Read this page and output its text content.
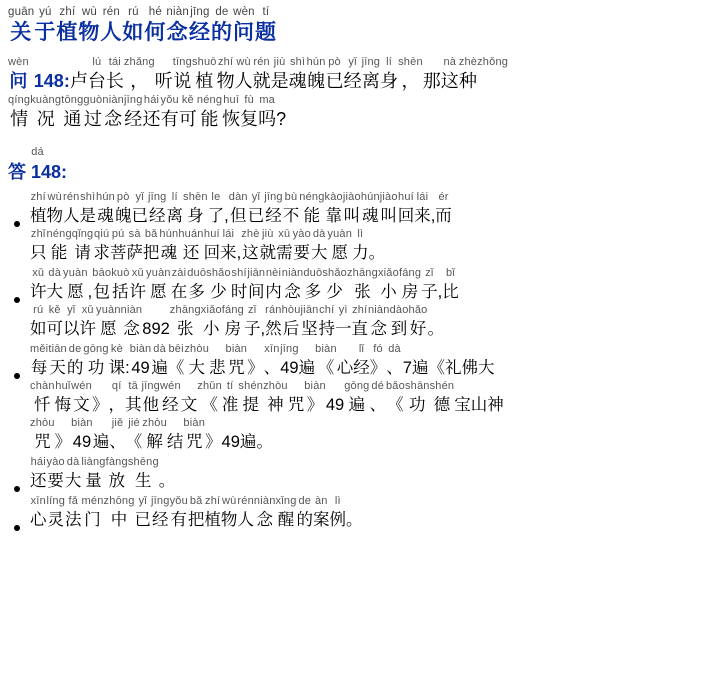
guān
关
yú
于
zhí
植
wù
物
rén
人
rú
如
hé
何
niàn
念
jīng
经
de
的
wèn
问
tí
题
wèn
问
148:
卢
lú
台
tái
长
zhǎng
，
听
tīng
说
shuō
植
zhí
物
wù
人
rén
就
jiù
是
shì
魂
hún
魄
pò
已
yǐ
经
jīng
离
lí
身
shēn
，
那
nà
这
zhè
种
zhǒng

qíng
情
kuàng
况
tōng
通
guò
过
niàn
念
jīng
经
hái
还
yǒu
有
kě
可
néng
能
huī
恢
fù
复
ma
吗
?
dá
答 148:
zhí
植
wù
物
rén
人
shì
是
hún
魂
pò
魄
yǐ
已
jīng
经
lí
离
shēn
身
le
了
,
dàn
但
yǐ
已
jīng
经
bù
不
néng
能
kào
靠
jiào
叫
hún
魂
jiào
叫
huí
回
lái
来
,
ér
而
zhǐ
只
néng
能
qǐng
请
qiú
求
pú
菩
sà
萨
bǎ
把
hún
魂
huán
还
huí
回
lái
来
,
zhè
这
jiù
就
xū
需
yào
要
dà
大
yuàn
愿
lì
力
。
xǔ
许
dà
大
yuàn
愿
,
bāo
包
kuò
括
xǔ
许
yuàn
愿
zài
在
duō
多
shǎo
少
shí
时
jiān
间
nèi
内
niàn
念
duō
多
shǎo
少
zhāng
张
xiǎo
小
fáng
房
zǐ
子
,
bǐ
比
rú
如
kě
可
yǐ
以
xǔ
许
yuàn
愿
niàn
念
892
zhāng
张
xiǎo
小
fáng
房
zǐ
子
,
rán
然
hòu
后
jiān
坚
chí
持
yì
一
zhí
直
niàn
念
dào
到
hǎo
好
。
měi
每
tiān
天
de
的
gōng
功
kè
课
:
biàn
49
dà
遍
bēi
《
zhòu
大
悲
biàn
咒
》
xīn
、
jīng
49
遍
biàn
《
心
lǐ
经
fó
》
dà
、
7
遍
《
礼
佛
大
chàn
忏
huǐ
悔
wén
文
》
qí
，
tā
其
jīng
他
wén
经
文
zhǔn
《
tí
准
shén
提
zhòu
神
咒
biàn
》
49
gōng
遍
dé
、
bǎo
《
shān
功
shén
德
宝
山
神
zhòu
咒
》
biàn
49
遍
jiě
、
jié
《
zhòu
解
结
biàn
咒
》
49
遍
。
hái
还
yào
要
dà
大
liàng
量
fàng
放
shēng
生
。
xīn
心
líng
灵
fǎ
法
mén
门
zhōng
中
yǐ
已
jīng
经
yǒu
有
bǎ
把
zhí
植
wù
物
rén
人
niàn
念
xǐng
醒
de
的
àn
案
lì
例
。
